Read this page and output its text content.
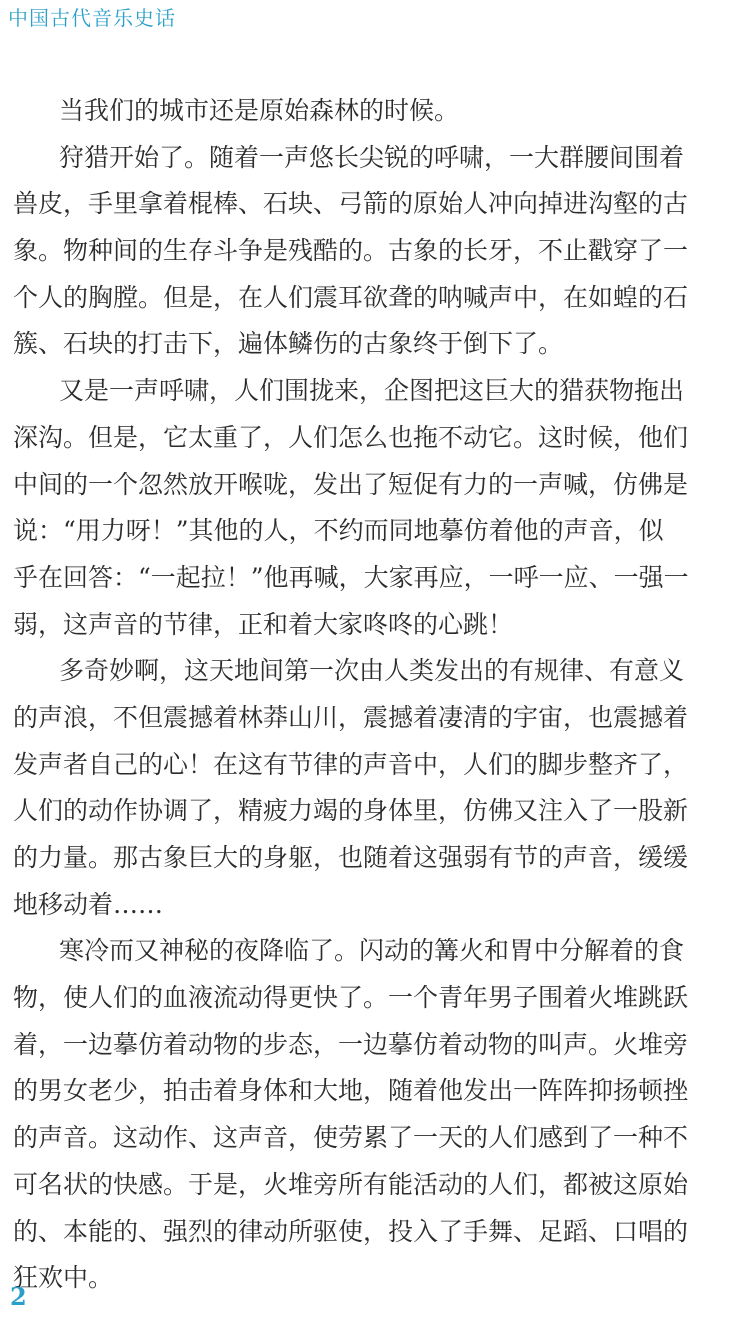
中国古代音乐史话
当我们的城市还是原始森林的时候。
狩猎开始了。随着一声悠长尖锐的呼啸，一大群腰间围着
兽皮，手里拿着棍棒、石块、弓箭的原始人冲向掉进沟壑的古
象。物种间的生存斗争是残酷的。古象的长牙，不止戳穿了一
个人的胸膛。但是，在人们震耳欲聋的呐喊声中，在如蝗的石
簇、石块的打击下，遍体鳞伤的古象终于倒下了。
又是一声呼啸，人们围拢来，企图把这巨大的猎获物拖出
深沟。但是，它太重了，人们怎么也拖不动它。这时候，他们
中间的一个忽然放开喉咙，发出了短促有力的一声喊，仿佛是
说：“用力呀！”其他的人，不约而同地摹仿着他的声音，似
乎在回答：“一起拉！”他再喊，大家再应，一呼一应、一强一
弱，这声音的节律，正和着大家咚咚的心跳！
多奇妙啊，这天地间第一次由人类发出的有规律、有意义
的声浪，不但震撼着林莽山川，震撼着凄清的宇宙，也震撼着
发声者自己的心！在这有节律的声音中，人们的脚步整齐了，
人们的动作协调了，精疲力竭的身体里，仿佛又注入了一股新
的力量。那古象巨大的身躯，也随着这强弱有节的声音，缓缓
地移动着……
寒冷而又神秘的夜降临了。闪动的篝火和胃中分解着的食
物，使人们的血液流动得更快了。一个青年男子围着火堆跳跃
着，一边摹仿着动物的步态，一边摹仿着动物的叫声。火堆旁
的男女老少，拍击着身体和大地，随着他发出一阵阵抑扬顿挫
的声音。这动作、这声音，使劳累了一天的人们感到了一种不
可名状的快感。于是，火堆旁所有能活动的人们，都被这原始
的、本能的、强烈的律动所驱使，投入了手舞、足蹈、口唱的
狂欢中。
2
